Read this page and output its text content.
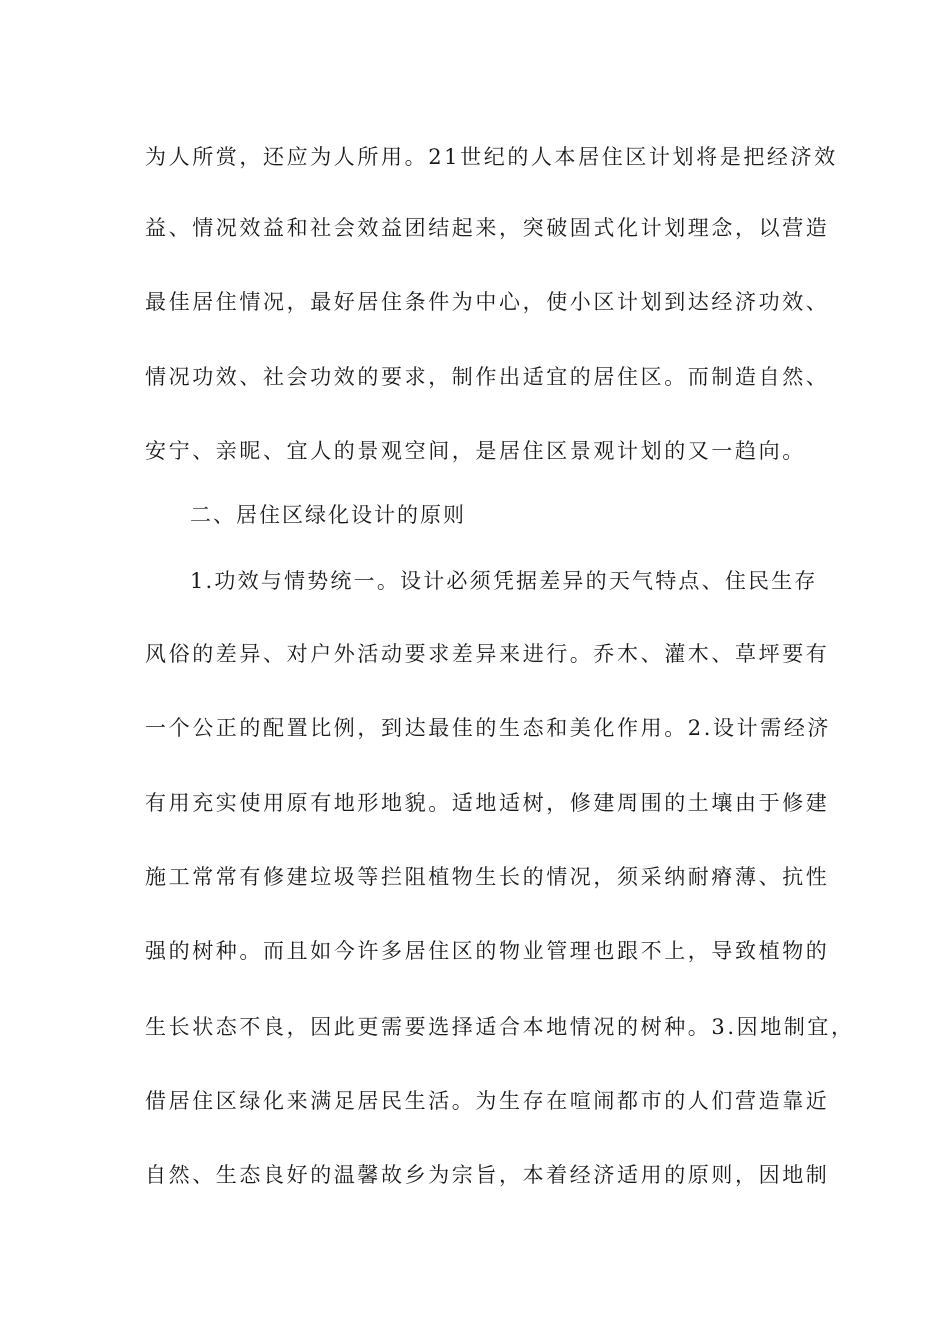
为人所赏，还应为人所用。21世纪的人本居住区计划将是把经济效
益、情况效益和社会效益团结起来，突破固式化计划理念，以营造
最佳居住情况，最好居住条件为中心，使小区计划到达经济功效、
情况功效、社会功效的要求，制作出适宜的居住区。而制造自然、
安宁、亲昵、宜人的景观空间，是居住区景观计划的又一趋向。
二、居住区绿化设计的原则
1.功效与情势统一。设计必须凭据差异的天气特点、住民生存
风俗的差异、对户外活动要求差异来进行。乔木、灌木、草坪要有
一个公正的配置比例，到达最佳的生态和美化作用。2.设计需经济
有用充实使用原有地形地貌。适地适树，修建周围的土壤由于修建
施工常常有修建垃圾等拦阻植物生长的情况，须采纳耐瘠薄、抗性
强的树种。而且如今许多居住区的物业管理也跟不上，导致植物的
生长状态不良，因此更需要选择适合本地情况的树种。3.因地制宜，
借居住区绿化来满足居民生活。为生存在喧闹都市的人们营造靠近
自然、生态良好的温馨故乡为宗旨，本着经济适用的原则，因地制
